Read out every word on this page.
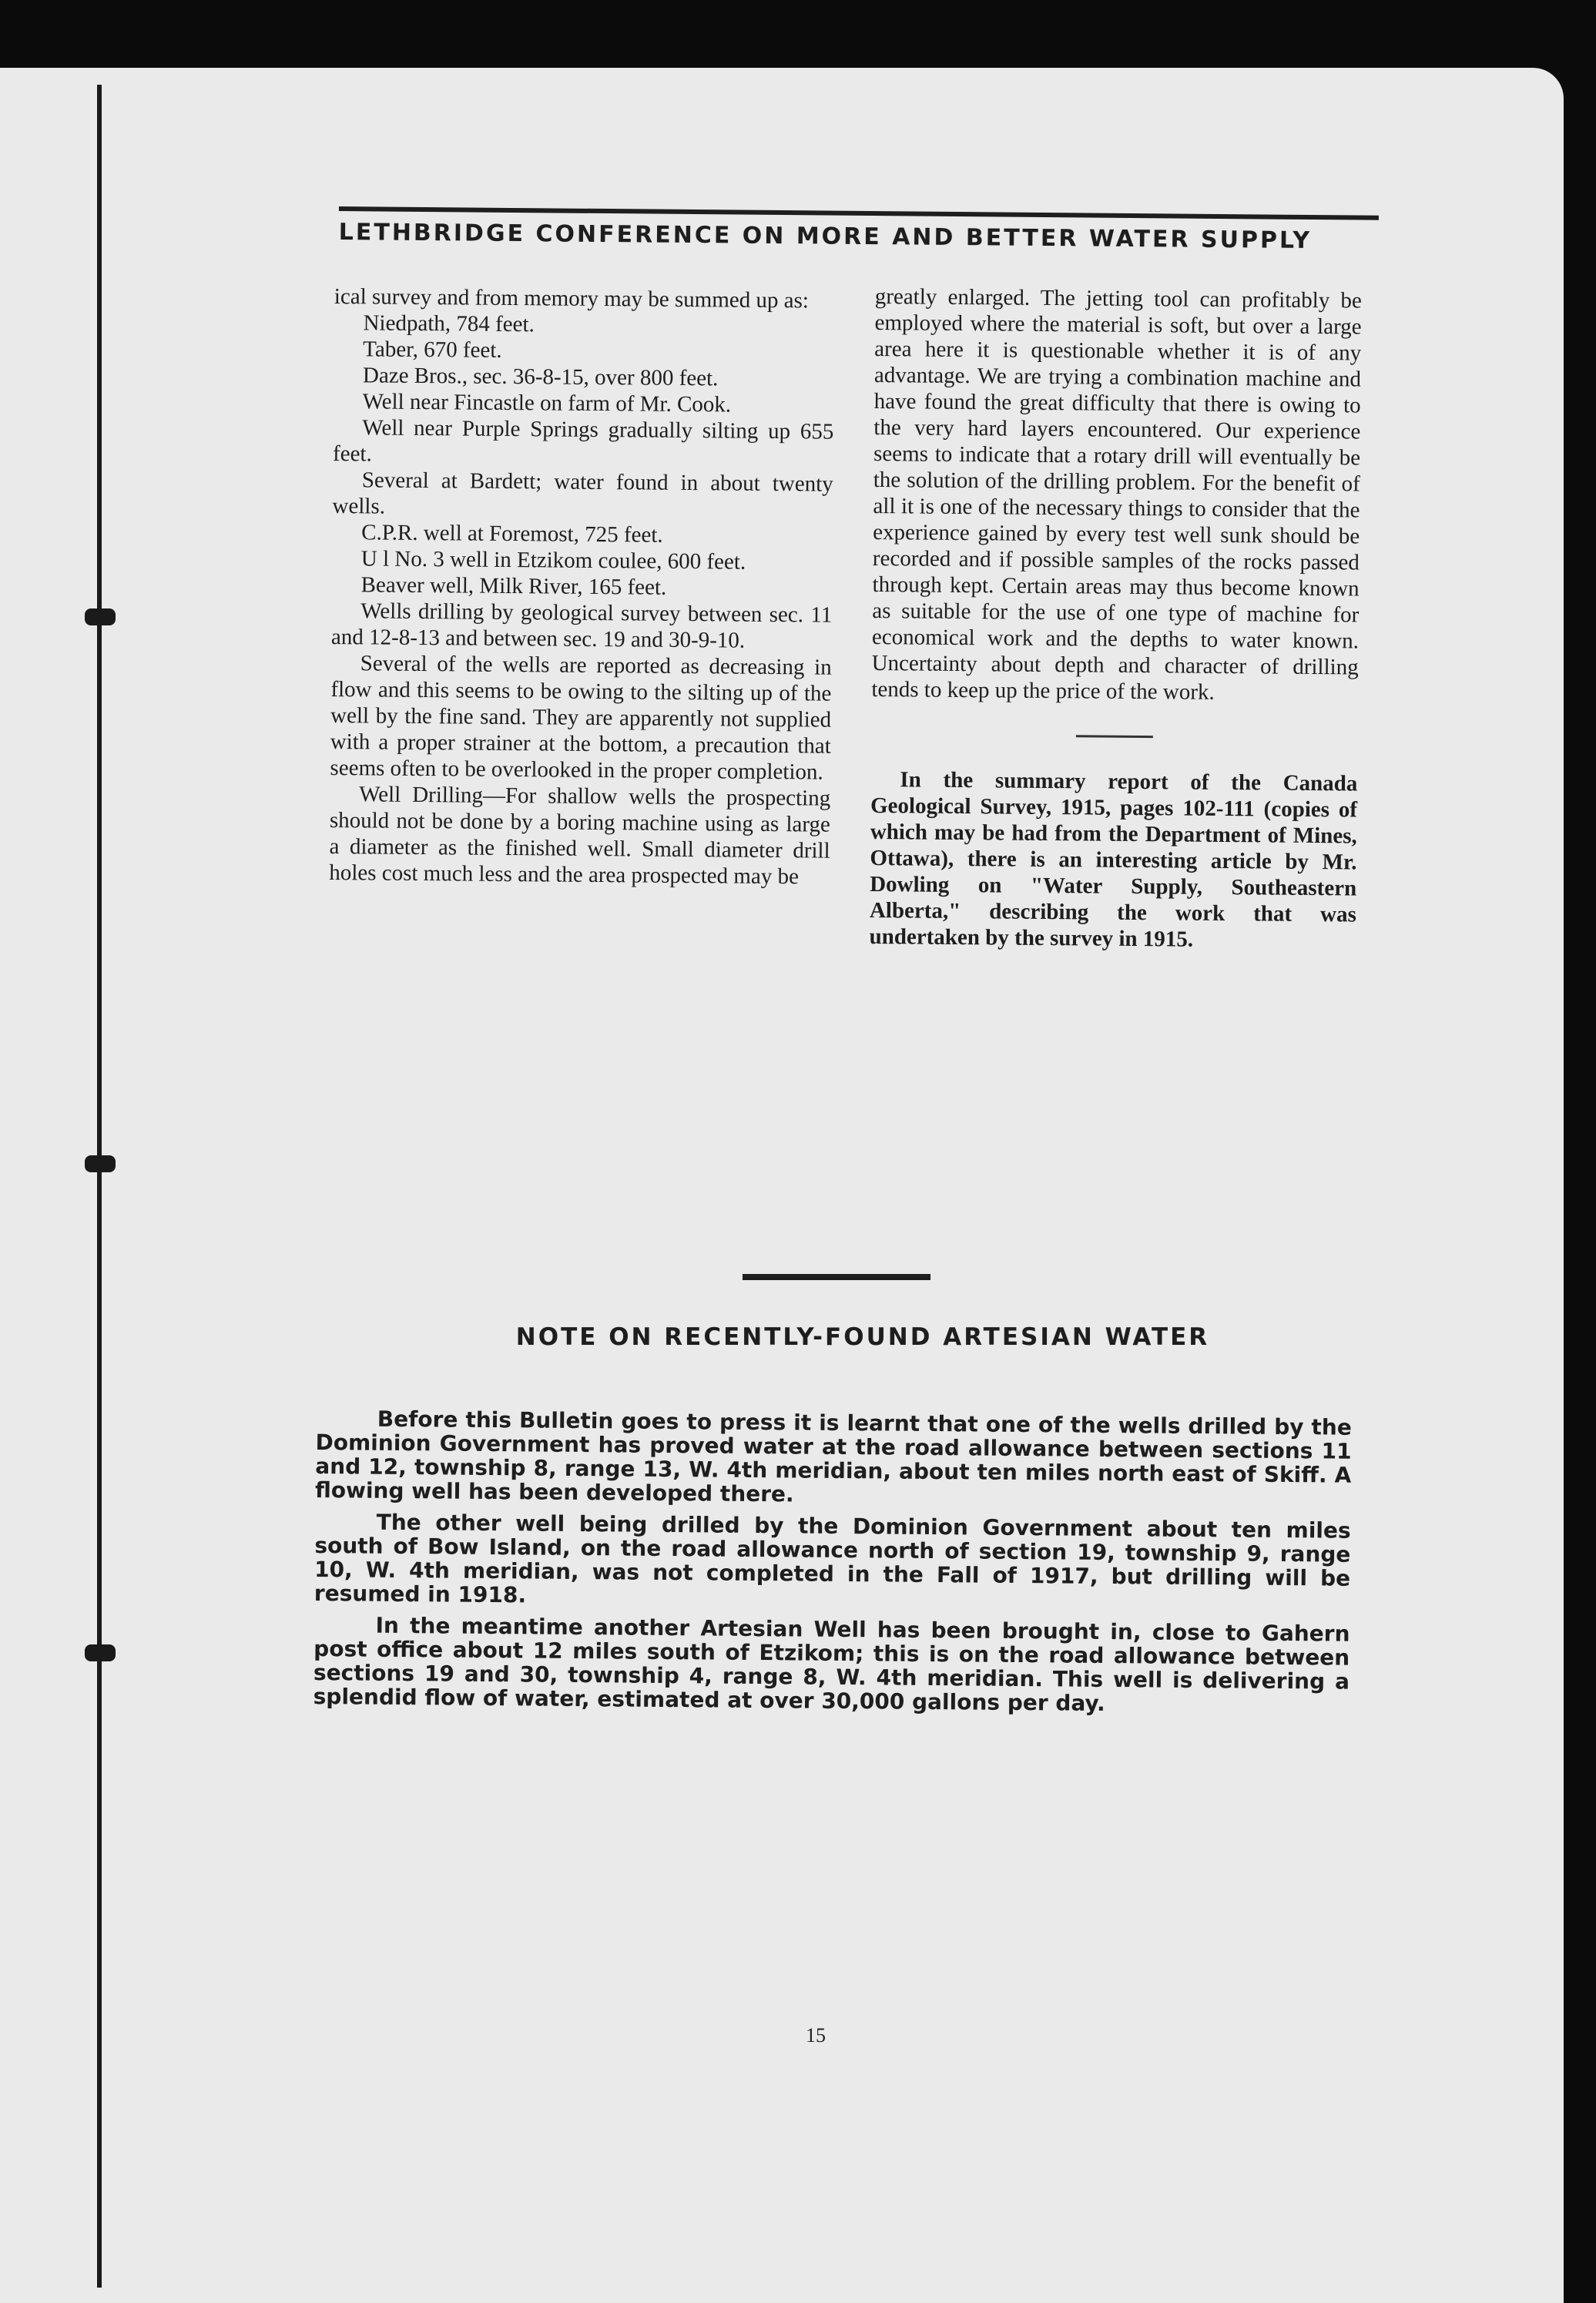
LETHBRIDGE CONFERENCE ON MORE AND BETTER WATER SUPPLY

ical survey and from memory may be summed up as:

Niedpath, 784 feet.

Taber, 670 feet.

Daze Bros., sec. 36-8-15, over 800 feet.

Well near Fincastle on farm of Mr. Cook.

Well near Purple Springs gradually silting up 655 feet.

Several at Bardett; water found in about twenty wells.

C.P.R. well at Foremost, 725 feet.

U l No. 3 well in Etzikom coulee, 600 feet.

Beaver well, Milk River, 165 feet.

Wells drilling by geological survey between sec. 11 and 12-8-13 and between sec. 19 and 30-9-10.

Several of the wells are reported as decreasing in flow and this seems to be owing to the silting up of the well by the fine sand. They are apparently not supplied with a proper strainer at the bottom, a precaution that seems often to be overlooked in the proper completion.

Well Drilling—For shallow wells the prospecting should not be done by a boring machine using as large a diameter as the finished well. Small diameter drill holes cost much less and the area prospected may be

greatly enlarged. The jetting tool can profitably be employed where the material is soft, but over a large area here it is questionable whether it is of any advantage. We are trying a combination machine and have found the great difficulty that there is owing to the very hard layers encountered. Our experience seems to indicate that a rotary drill will eventually be the solution of the drilling problem. For the benefit of all it is one of the necessary things to consider that the experience gained by every test well sunk should be recorded and if possible samples of the rocks passed through kept. Certain areas may thus become known as suitable for the use of one type of machine for economical work and the depths to water known. Uncertainty about depth and character of drilling tends to keep up the price of the work.

In the summary report of the Canada Geological Survey, 1915, pages 102-111 (copies of which may be had from the Department of Mines, Ottawa), there is an interesting article by Mr. Dowling on "Water Supply, Southeastern Alberta," describing the work that was undertaken by the survey in 1915.

NOTE ON RECENTLY-FOUND ARTESIAN WATER

Before this Bulletin goes to press it is learnt that one of the wells drilled by the Dominion Government has proved water at the road allowance between sections 11 and 12, township 8, range 13, W. 4th meridian, about ten miles north east of Skiff. A flowing well has been developed there.

The other well being drilled by the Dominion Government about ten miles south of Bow Island, on the road allowance north of section 19, township 9, range 10, W. 4th meridian, was not completed in the Fall of 1917, but drilling will be resumed in 1918.

In the meantime another Artesian Well has been brought in, close to Gahern post office about 12 miles south of Etzikom; this is on the road allowance between sections 19 and 30, township 4, range 8, W. 4th meridian. This well is delivering a splendid flow of water, estimated at over 30,000 gallons per day.

15
